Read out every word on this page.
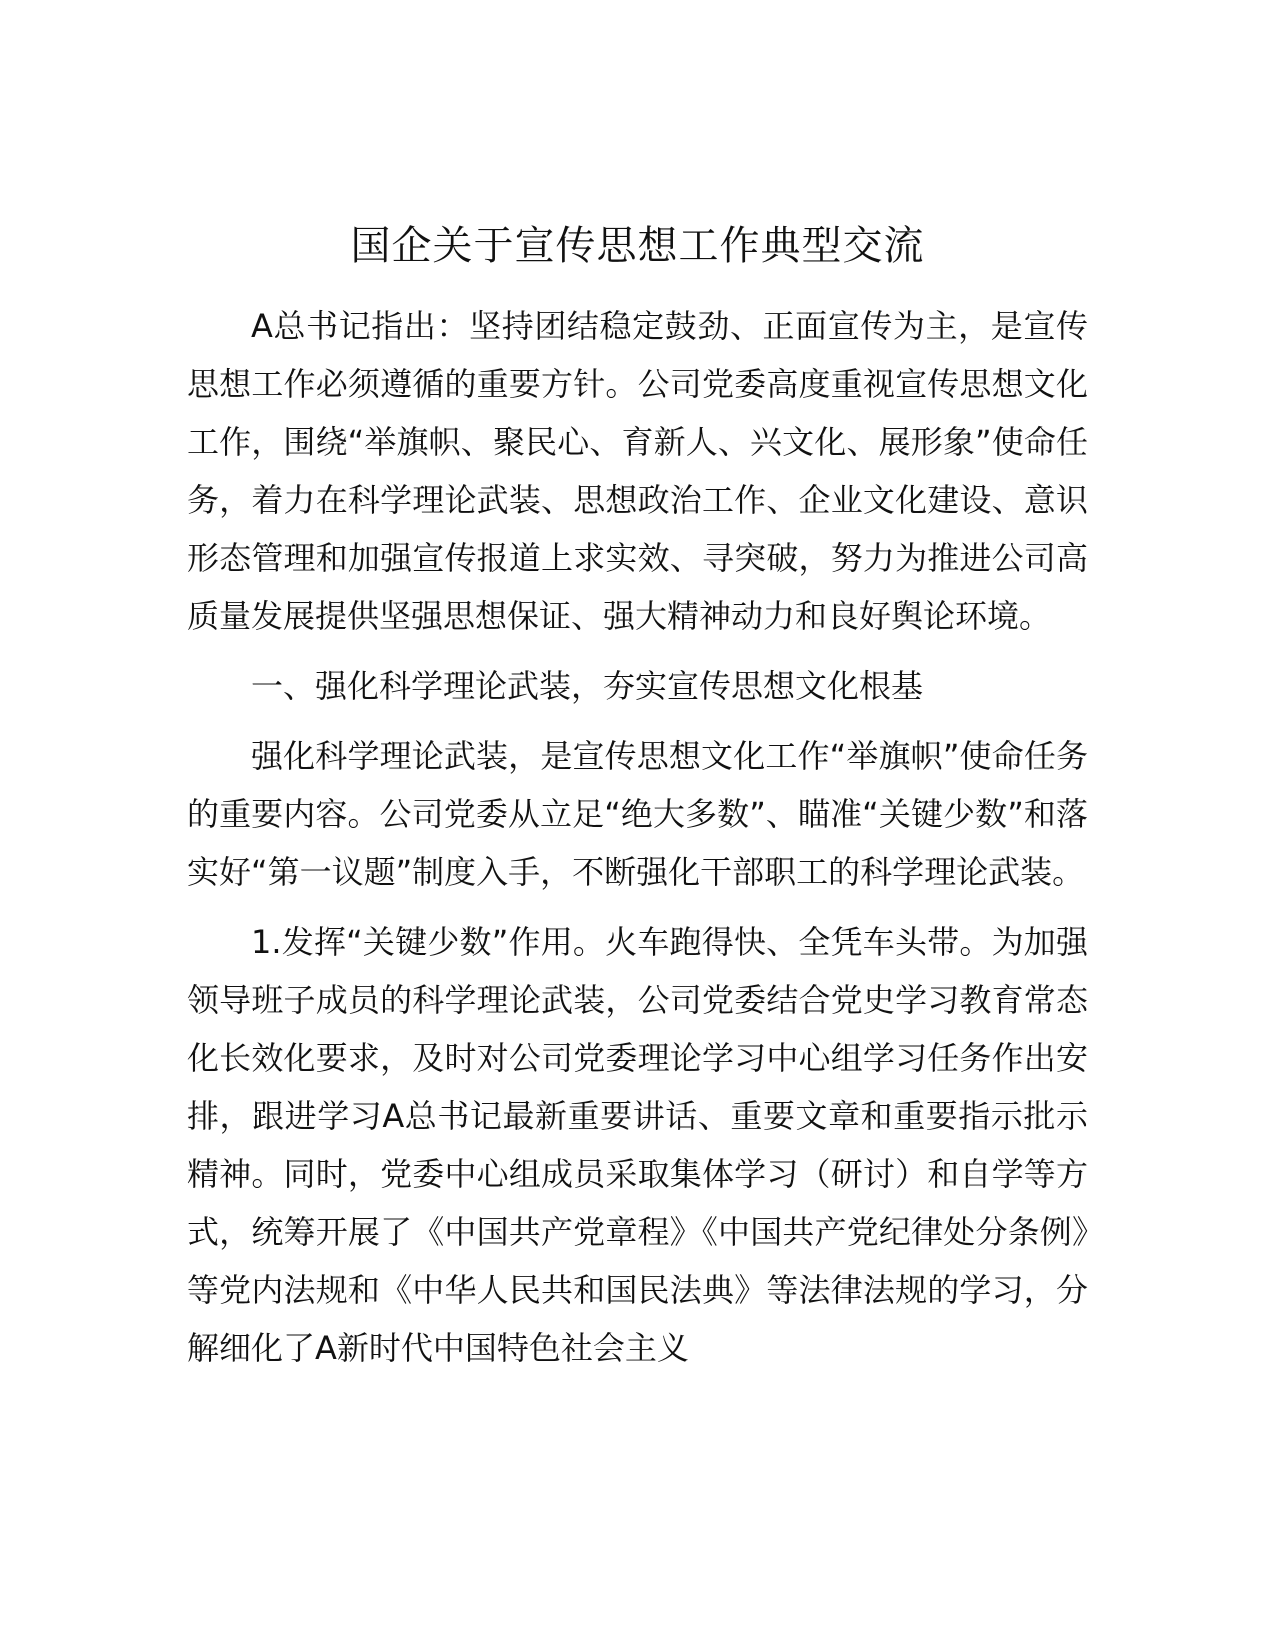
国企关于宣传思想工作典型交流

A总书记指出：坚持团结稳定鼓劲、正面宣传为主，是宣传思想工作必须遵循的重要方针。公司党委高度重视宣传思想文化工作，围绕“举旗帜、聚民心、育新人、兴文化、展形象”使命任务，着力在科学理论武装、思想政治工作、企业文化建设、意识形态管理和加强宣传报道上求实效、寻突破，努力为推进公司高质量发展提供坚强思想保证、强大精神动力和良好舆论环境。

一、强化科学理论武装，夯实宣传思想文化根基

强化科学理论武装，是宣传思想文化工作“举旗帜”使命任务的重要内容。公司党委从立足“绝大多数”、瞄准“关键少数”和落实好“第一议题”制度入手，不断强化干部职工的科学理论武装。

1.发挥“关键少数”作用。火车跑得快、全凭车头带。为加强领导班子成员的科学理论武装，公司党委结合党史学习教育常态化长效化要求，及时对公司党委理论学习中心组学习任务作出安排，跟进学习A总书记最新重要讲话、重要文章和重要指示批示精神。同时，党委中心组成员采取集体学习（研讨）和自学等方式，统筹开展了《中国共产党章程》《中国共产党纪律处分条例》等党内法规和《中华人民共和国民法典》等法律法规的学习，分解细化了A新时代中国特色社会主义
